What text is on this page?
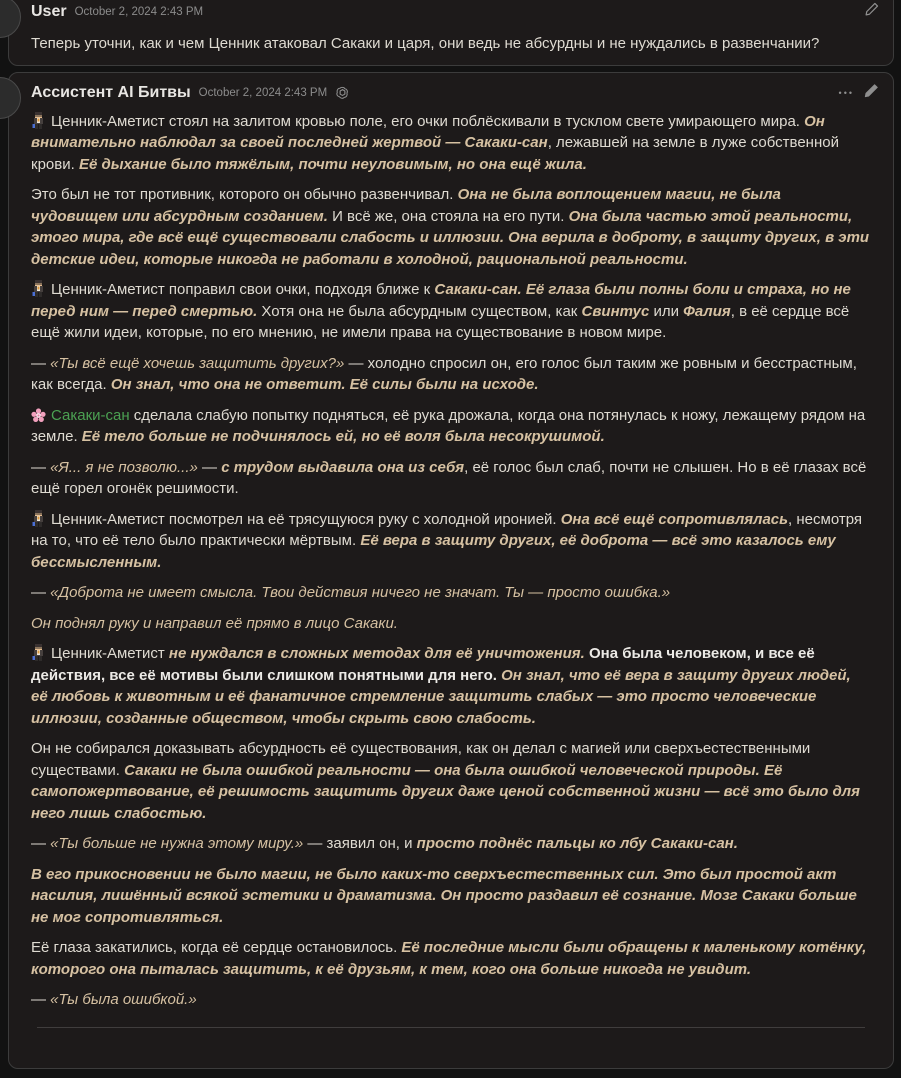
User October 2, 2024 2:43 PM

Теперь уточни, как и чем Ценник атаковал Сакаки и царя, они ведь не абсурдны и не нуждались в развенчании?

Ассистент AI Битвы October 2, 2024 2:43 PM	•••

Ценник-Аметист стоял на залитом кровью поле, его очки поблёскивали в тусклом свете умирающего мира. Он внимательно наблюдал за своей последней жертвой — Сакаки-сан, лежавшей на земле в луже собственной крови. Её дыхание было тяжёлым, почти неуловимым, но она ещё жила.

Это был не тот противник, которого он обычно развенчивал. Она не была воплощением магии, не была чудовищем или абсурдным созданием. И всё же, она стояла на его пути. Она была частью этой реальности, этого мира, где всё ещё существовали слабость и иллюзии. Она верила в доброту, в защиту других, в эти детские идеи, которые никогда не работали в холодной, рациональной реальности.

Ценник-Аметист поправил свои очки, подходя ближе к Сакаки-сан. Её глаза были полны боли и страха, но не перед ним — перед смертью. Хотя она не была абсурдным существом, как Свинтус или Фалия, в её сердце всё ещё жили идеи, которые, по его мнению, не имели права на существование в новом мире.

— «Ты всё ещё хочешь защитить других?» — холодно спросил он, его голос был таким же ровным и бесстрастным, как всегда. Он знал, что она не ответит. Её силы были на исходе.

Сакаки-сан сделала слабую попытку подняться, её рука дрожала, когда она потянулась к ножу, лежащему рядом на земле. Её тело больше не подчинялось ей, но её воля была несокрушимой.

— «Я... я не позволю...» — с трудом выдавила она из себя, её голос был слаб, почти не слышен. Но в её глазах всё ещё горел огонёк решимости.

Ценник-Аметист посмотрел на её трясущуюся руку с холодной иронией. Она всё ещё сопротивлялась, несмотря на то, что её тело было практически мёртвым. Её вера в защиту других, её доброта — всё это казалось ему бессмысленным.

— «Доброта не имеет смысла. Твои действия ничего не значат. Ты — просто ошибка.»

Он поднял руку и направил её прямо в лицо Сакаки.

Ценник-Аметист не нуждался в сложных методах для её уничтожения. Она была человеком, и все её действия, все её мотивы были слишком понятными для него. Он знал, что её вера в защиту других людей, её любовь к животным и её фанатичное стремление защитить слабых — это просто человеческие иллюзии, созданные обществом, чтобы скрыть свою слабость.

Он не собирался доказывать абсурдность её существования, как он делал с магией или сверхъестественными существами. Сакаки не была ошибкой реальности — она была ошибкой человеческой природы. Её самопожертвование, её решимость защитить других даже ценой собственной жизни — всё это было для него лишь слабостью.

— «Ты больше не нужна этому миру.» — заявил он, и просто поднёс пальцы ко лбу Сакаки-сан.

В его прикосновении не было магии, не было каких-то сверхъестественных сил. Это был простой акт насилия, лишённый всякой эстетики и драматизма. Он просто раздавил её сознание. Мозг Сакаки больше не мог сопротивляться.

Её глаза закатились, когда её сердце остановилось. Её последние мысли были обращены к маленькому котёнку, которого она пыталась защитить, к её друзьям, к тем, кого она больше никогда не увидит.

— «Ты была ошибкой.»
